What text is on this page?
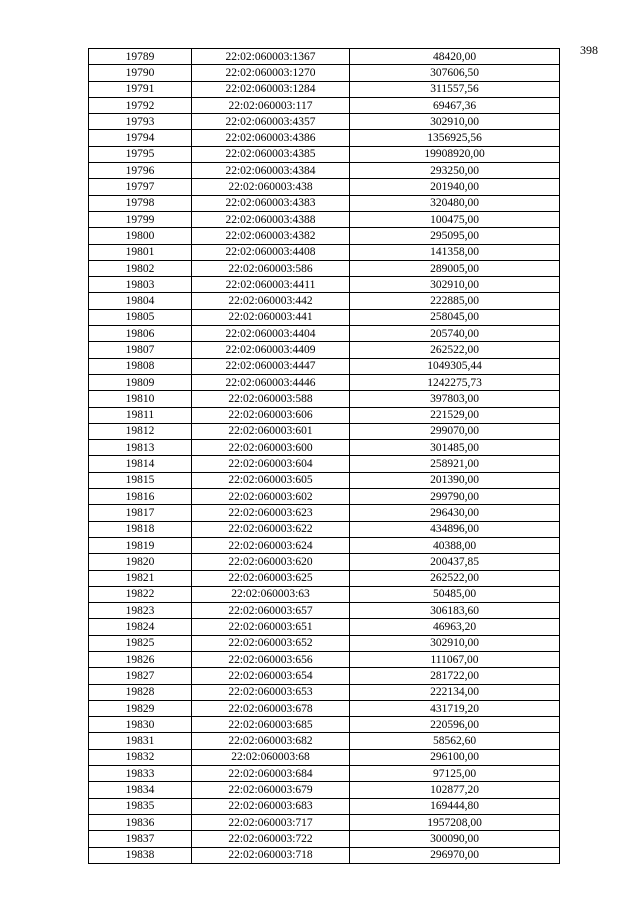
398
19789	22:02:060003:1367	48420,00
19790	22:02:060003:1270	307606,50
19791	22:02:060003:1284	311557,56
19792	22:02:060003:117	69467,36
19793	22:02:060003:4357	302910,00
19794	22:02:060003:4386	1356925,56
19795	22:02:060003:4385	19908920,00
19796	22:02:060003:4384	293250,00
19797	22:02:060003:438	201940,00
19798	22:02:060003:4383	320480,00
19799	22:02:060003:4388	100475,00
19800	22:02:060003:4382	295095,00
19801	22:02:060003:4408	141358,00
19802	22:02:060003:586	289005,00
19803	22:02:060003:4411	302910,00
19804	22:02:060003:442	222885,00
19805	22:02:060003:441	258045,00
19806	22:02:060003:4404	205740,00
19807	22:02:060003:4409	262522,00
19808	22:02:060003:4447	1049305,44
19809	22:02:060003:4446	1242275,73
19810	22:02:060003:588	397803,00
19811	22:02:060003:606	221529,00
19812	22:02:060003:601	299070,00
19813	22:02:060003:600	301485,00
19814	22:02:060003:604	258921,00
19815	22:02:060003:605	201390,00
19816	22:02:060003:602	299790,00
19817	22:02:060003:623	296430,00
19818	22:02:060003:622	434896,00
19819	22:02:060003:624	40388,00
19820	22:02:060003:620	200437,85
19821	22:02:060003:625	262522,00
19822	22:02:060003:63	50485,00
19823	22:02:060003:657	306183,60
19824	22:02:060003:651	46963,20
19825	22:02:060003:652	302910,00
19826	22:02:060003:656	111067,00
19827	22:02:060003:654	281722,00
19828	22:02:060003:653	222134,00
19829	22:02:060003:678	431719,20
19830	22:02:060003:685	220596,00
19831	22:02:060003:682	58562,60
19832	22:02:060003:68	296100,00
19833	22:02:060003:684	97125,00
19834	22:02:060003:679	102877,20
19835	22:02:060003:683	169444,80
19836	22:02:060003:717	1957208,00
19837	22:02:060003:722	300090,00
19838	22:02:060003:718	296970,00
